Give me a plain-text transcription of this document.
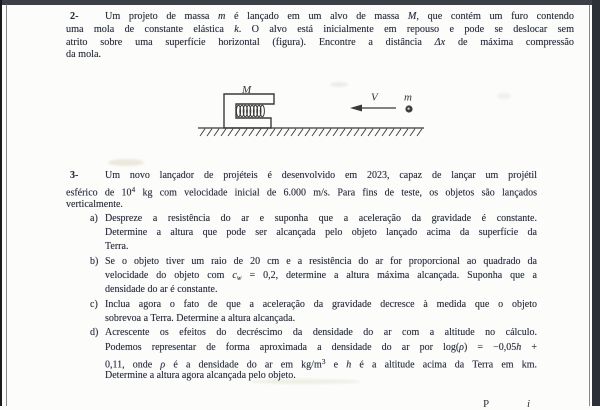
2-	Um projeto de massa m é lançado em um alvo de massa M, que contém um furo contendo
uma mola de constante elástica k. O alvo está inicialmente em repouso e pode se deslocar sem
atrito sobre uma superfície horizontal (figura). Encontre a distância Δx de máxima compressão
da mola.
M
V m
3-	Um novo lançador de projéteis é desenvolvido em 2023, capaz de lançar um projétil
esférico de $10^4$ kg com velocidade inicial de 6.000 m/s. Para fins de teste, os objetos são lançados
verticalmente.
a) Despreze a resistência do ar e suponha que a aceleração da gravidade é constante.
Determine a altura que pode ser alcançada pelo objeto lançado acima da superfície da
Terra.
b) Se o objeto tiver um raio de 20 cm e a resistência do ar for proporcional ao quadrado da
velocidade do objeto com $c_w = 0,2$, determine a altura máxima alcançada. Suponha que a
densidade do ar é constante.
c) Inclua agora o fato de que a aceleração da gravidade decresce à medida que o objeto
sobrevoa a Terra. Determine a altura alcançada.
d) Acrescente os efeitos do decréscimo da densidade do ar com a altitude no cálculo.
Podemos representar de forma aproximada a densidade do ar por log(ρ) = −0,05h +
0,11, onde ρ é a densidade do ar em $kg/m^3$ e h é a altitude acima da Terra em km.
Determine a altura agora alcançada pelo objeto.
P	i
